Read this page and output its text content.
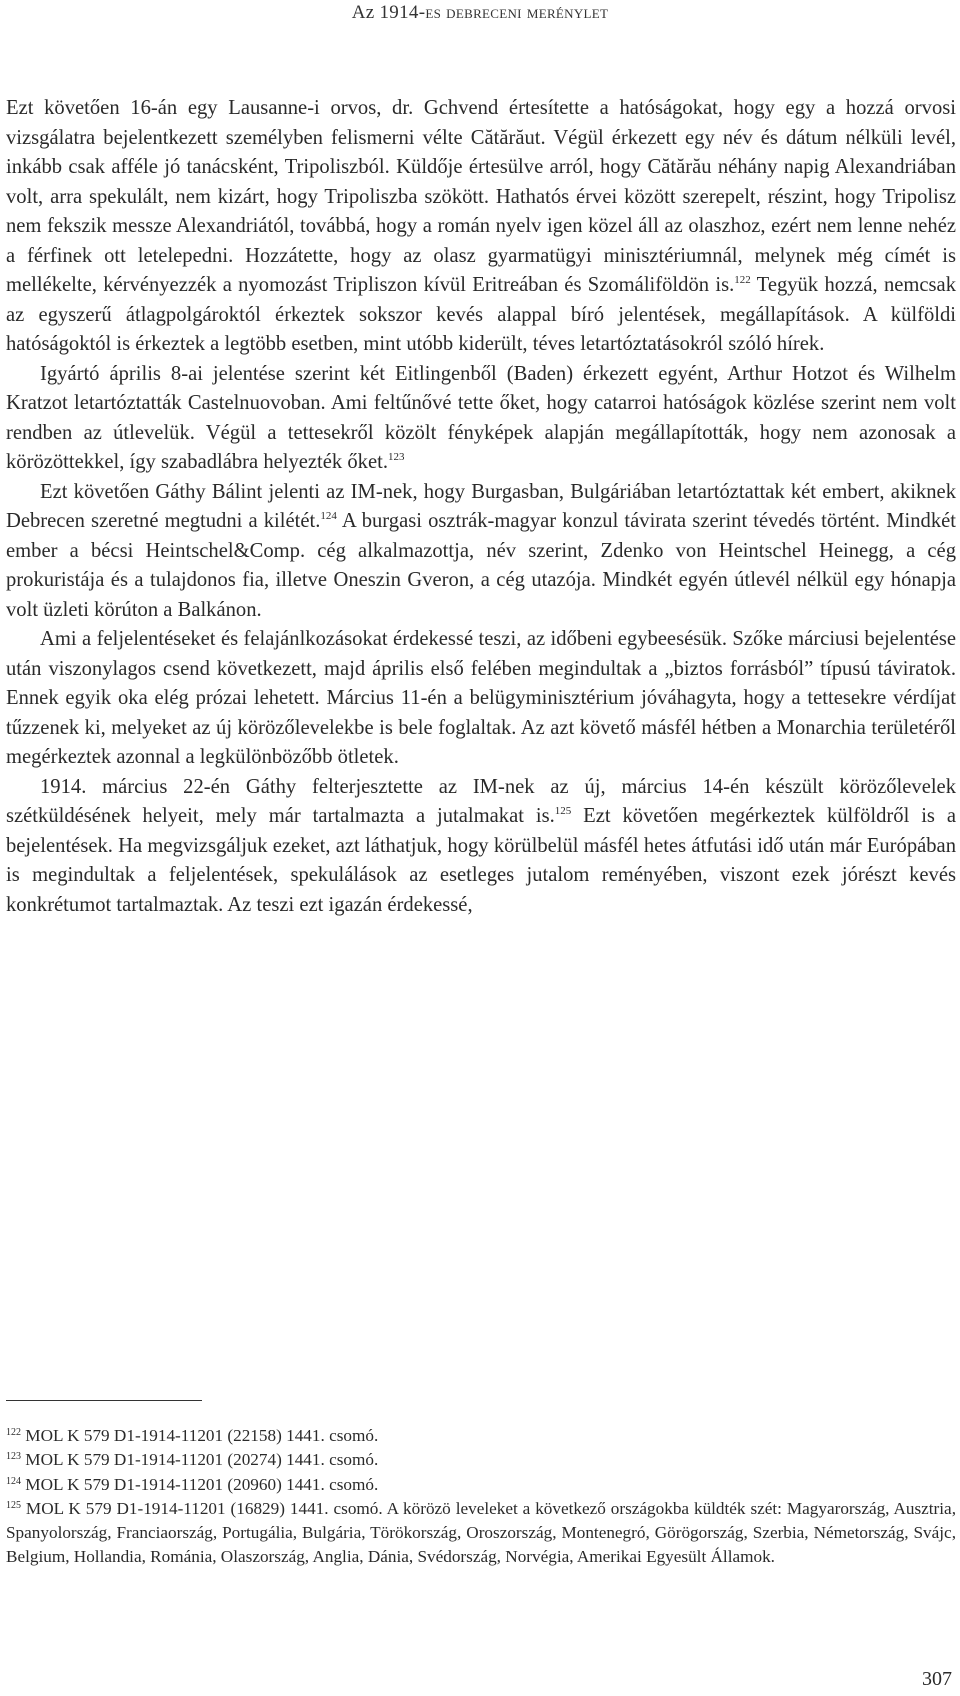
Az 1914-es debreceni merénylet

Ezt követően 16-án egy Lausanne-i orvos, dr. Gchvend értesítette a hatóságokat, hogy egy a hozzá orvosi vizsgálatra bejelentkezett személyben felismerni vélte Cătărăut. Végül érkezett egy név és dátum nélküli levél, inkább csak afféle jó tanácsként, Tripoliszból. Küldője értesülve arról, hogy Cătărău néhány napig Alexandriában volt, arra spekulált, nem kizárt, hogy Tripoliszba szökött. Hathatós érvei között szerepelt, részint, hogy Tripolisz nem fekszik messze Alexandriától, továbbá, hogy a román nyelv igen közel áll az olaszhoz, ezért nem lenne nehéz a férfinek ott letelepedni. Hozzátette, hogy az olasz gyarmatügyi minisztériumnál, melynek még címét is mellékelte, kérvényezzék a nyomozást Tripliszon kívül Eritreában és Szomáliföldön is.$^{122}$ Tegyük hozzá, nemcsak az egyszerű átlagpolgároktól érkeztek sokszor kevés alappal bíró jelentések, megállapítások. A külföldi hatóságoktól is érkeztek a legtöbb esetben, mint utóbb kiderült, téves letartóztatásokról szóló hírek.

Igyártó április 8-ai jelentése szerint két Eitlingenből (Baden) érkezett egyént, Arthur Hotzot és Wilhelm Kratzot letartóztatták Castelnuovoban. Ami feltűnővé tette őket, hogy catarroi hatóságok közlése szerint nem volt rendben az útlevelük. Végül a tettesekről közölt fényképek alapján megállapították, hogy nem azonosak a körözöttekkel, így szabadlábra helyezték őket.$^{123}$

Ezt követően Gáthy Bálint jelenti az IM-nek, hogy Burgasban, Bulgáriában letartóztattak két embert, akiknek Debrecen szeretné megtudni a kilétét.$^{124}$ A burgasi osztrák-magyar konzul távirata szerint tévedés történt. Mindkét ember a bécsi Heintschel&Comp. cég alkalmazottja, név szerint, Zdenko von Heintschel Heinegg, a cég prokuristája és a tulajdonos fia, illetve Oneszin Gveron, a cég utazója. Mindkét egyén útlevél nélkül egy hónapja volt üzleti körúton a Balkánon.

Ami a feljelentéseket és felajánlkozásokat érdekessé teszi, az időbeni egybeesésük. Szőke márciusi bejelentése után viszonylagos csend következett, majd április első felében megindultak a „biztos forrásból” típusú táviratok. Ennek egyik oka elég prózai lehetett. Március 11-én a belügyminisztérium jóváhagyta, hogy a tettesekre vérdíjat tűzzenek ki, melyeket az új körözőlevelekbe is bele foglaltak. Az azt követő másfél hétben a Monarchia területéről megérkeztek azonnal a legkülönbözőbb ötletek.

1914. március 22-én Gáthy felterjesztette az IM-nek az új, március 14-én készült körözőlevelek szétküldésének helyeit, mely már tartalmazta a jutalmakat is.$^{125}$ Ezt követően megérkeztek külföldről is a bejelentések. Ha megvizsgáljuk ezeket, azt láthatjuk, hogy körülbelül másfél hetes átfutási idő után már Európában is megindultak a feljelentések, spekulálások az esetleges jutalom reményében, viszont ezek jórészt kevés konkrétumot tartalmaztak. Az teszi ezt igazán érdekessé,

$^{122}$ MOL K 579 D1-1914-11201 (22158) 1441. csomó.

$^{123}$ MOL K 579 D1-1914-11201 (20274) 1441. csomó.

$^{124}$ MOL K 579 D1-1914-11201 (20960) 1441. csomó.

$^{125}$ MOL K 579 D1-1914-11201 (16829) 1441. csomó. A körözö leveleket a következő országokba küldték szét: Magyarország, Ausztria, Spanyolország, Franciaország, Portugália, Bulgária, Törökország, Oroszország, Montenegró, Görögország, Szerbia, Németország, Svájc, Belgium, Hollandia, Románia, Olaszország, Anglia, Dánia, Svédország, Norvégia, Amerikai Egyesült Államok.

307
